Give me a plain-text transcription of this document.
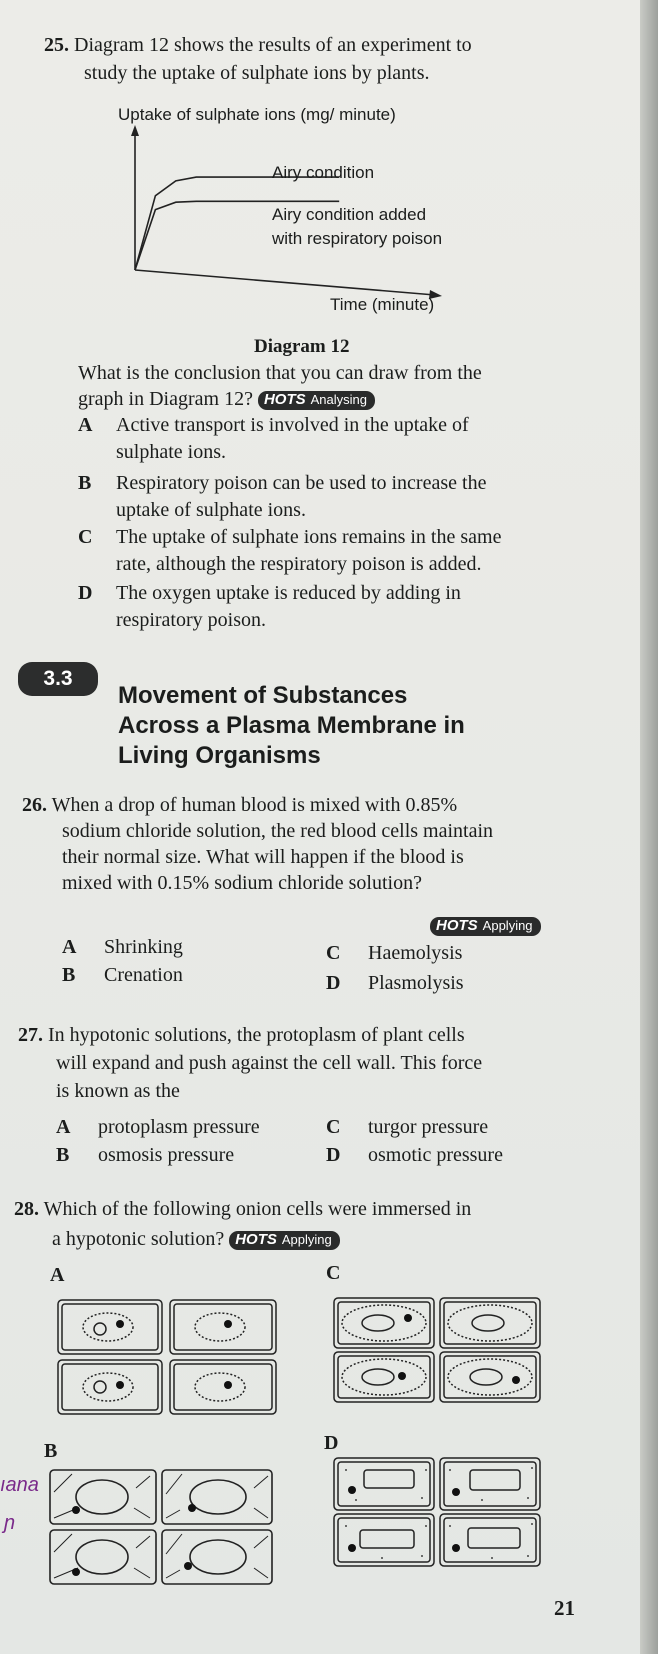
25. Diagram 12 shows the results of an experiment to
study the uptake of sulphate ions by plants.
Uptake of sulphate ions (mg/ minute)
Airy condition
Airy condition added
with respiratory poison
Time (minute)
Diagram 12
What is the conclusion that you can draw from the
graph in Diagram 12? HOTS Analysing
A Active transport is involved in the uptake of
sulphate ions.
B Respiratory poison can be used to increase the
uptake of sulphate ions.
C The uptake of sulphate ions remains in the same
rate, although the respiratory poison is added.
D The oxygen uptake is reduced by adding in
respiratory poison.
3.3
Movement of Substances
Across a Plasma Membrane in
Living Organisms
26. When a drop of human blood is mixed with 0.85%
sodium chloride solution, the red blood cells maintain
their normal size. What will happen if the blood is
mixed with 0.15% sodium chloride solution?
HOTS Applying
A Shrinking
B Crenation
C Haemolysis
D Plasmolysis
27. In hypotonic solutions, the protoplasm of plant cells
will expand and push against the cell wall. This force
is known as the
A protoplasm pressure
B osmosis pressure
C turgor pressure
D osmotic pressure
28. Which of the following onion cells were immersed in
a hypotonic solution? HOTS Applying
A	C
B	D
ıana
ɲ
21
